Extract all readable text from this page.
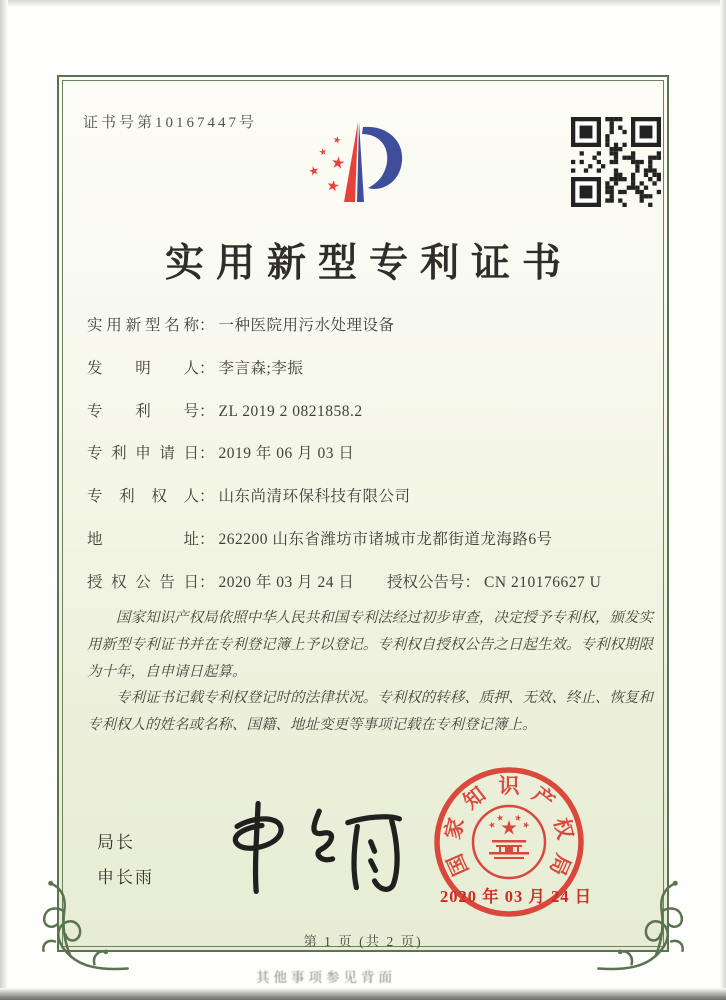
证书号第10167447号
实用新型专利证书
实用新型名称： 一种医院用污水处理设备
发明人： 李言森;李振
专利号： ZL 2019 2 0821858.2
专利申请日： 2019 年 06 月 03 日
专利权人： 山东尚清环保科技有限公司
地址： 262200 山东省潍坊市诸城市龙都街道龙海路6号
授权公告日： 2020 年 03 月 24 日 授权公告号： CN 210176627 U

国家知识产权局依照中华人民共和国专利法经过初步审查，决定授予专利权，颁发实用新型专利证书并在专利登记簿上予以登记。专利权自授权公告之日起生效。专利权期限为十年，自申请日起算。

专利证书记载专利权登记时的法律状况。专利权的转移、质押、无效、终止、恢复和专利权人的姓名或名称、国籍、地址变更等事项记载在专利登记簿上。

局长
申长雨	国
家
知 识 产
权
局
2020 年 03 月 24 日
第 1 页 (共 2 页)
其他事项参见背面
